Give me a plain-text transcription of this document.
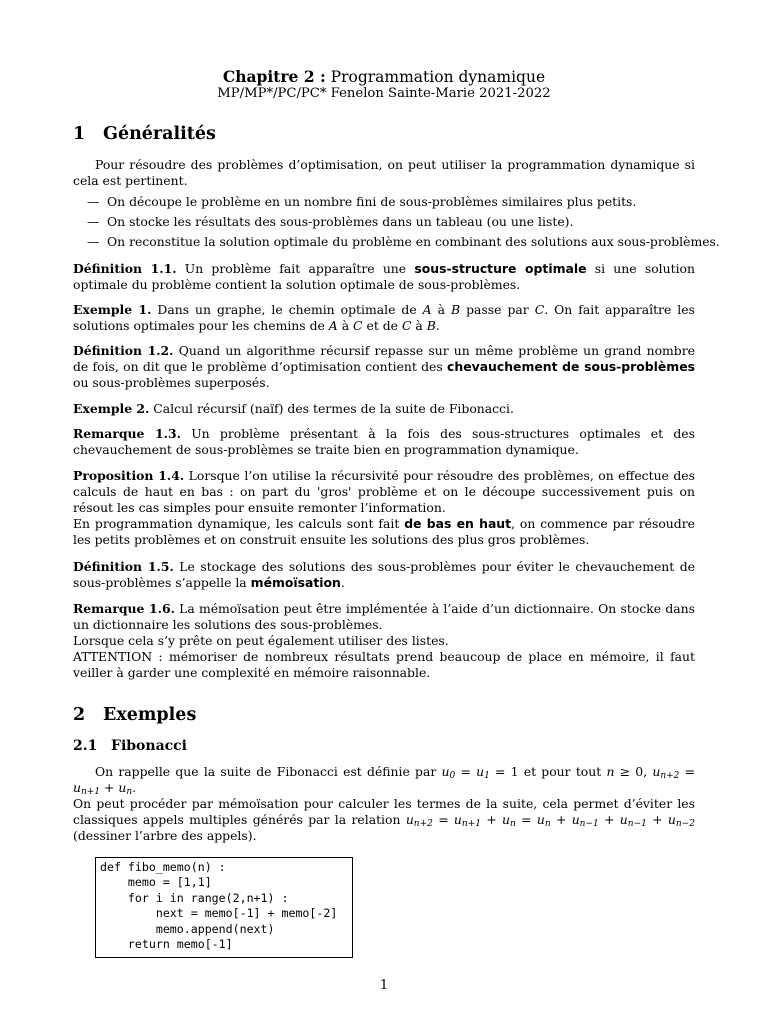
Chapitre 2 : Programmation dynamique
MP/MP*/PC/PC* Fenelon Sainte-Marie 2021-2022
1 Généralités
Pour résoudre des problèmes d’optimisation, on peut utiliser la programmation dynamique si cela est pertinent.
— On découpe le problème en un nombre fini de sous-problèmes similaires plus petits.
— On stocke les résultats des sous-problèmes dans un tableau (ou une liste).
— On reconstitue la solution optimale du problème en combinant des solutions aux sous-problèmes.
Définition 1.1. Un problème fait apparaître une sous-structure optimale si une solution optimale du problème contient la solution optimale de sous-problèmes.
Exemple 1. Dans un graphe, le chemin optimale de A à B passe par C. On fait apparaître les solutions optimales pour les chemins de A à C et de C à B.
Définition 1.2. Quand un algorithme récursif repasse sur un même problème un grand nombre de fois, on dit que le problème d’optimisation contient des chevauchement de sous-problèmes ou sous-problèmes superposés.
Exemple 2. Calcul récursif (naïf) des termes de la suite de Fibonacci.
Remarque 1.3. Un problème présentant à la fois des sous-structures optimales et des chevauchement de sous-problèmes se traite bien en programmation dynamique.
Proposition 1.4. Lorsque l’on utilise la récursivité pour résoudre des problèmes, on effectue des calculs de haut en bas : on part du 'gros' problème et on le découpe successivement puis on résout les cas simples pour ensuite remonter l’information.
En programmation dynamique, les calculs sont fait de bas en haut, on commence par résoudre les petits problèmes et on construit ensuite les solutions des plus gros problèmes.
Définition 1.5. Le stockage des solutions des sous-problèmes pour éviter le chevauchement de sous-problèmes s’appelle la mémoïsation.
Remarque 1.6. La mémoïsation peut être implémentée à l’aide d’un dictionnaire. On stocke dans un dictionnaire les solutions des sous-problèmes.
Lorsque cela s’y prête on peut également utiliser des listes.
ATTENTION : mémoriser de nombreux résultats prend beaucoup de place en mémoire, il faut veiller à garder une complexité en mémoire raisonnable.
2 Exemples
2.1 Fibonacci
On rappelle que la suite de Fibonacci est définie par $u_0 = u_1 = 1$ et pour tout n ≥ 0, $u_{n+2} = u_{n+1} + u_n$.
On peut procéder par mémoïsation pour calculer les termes de la suite, cela permet d’éviter les classiques appels multiples générés par la relation $u_{n+2} = u_{n+1} + u_n = u_n + u_{n-1} + u_{n-1} + u_{n-2}$ (dessiner l’arbre des appels).
def fibo_memo(n) :
memo = [1,1]
for i in range(2,n+1) :
next = memo[-1] + memo[-2]
memo.append(next)
return memo[-1]
1
